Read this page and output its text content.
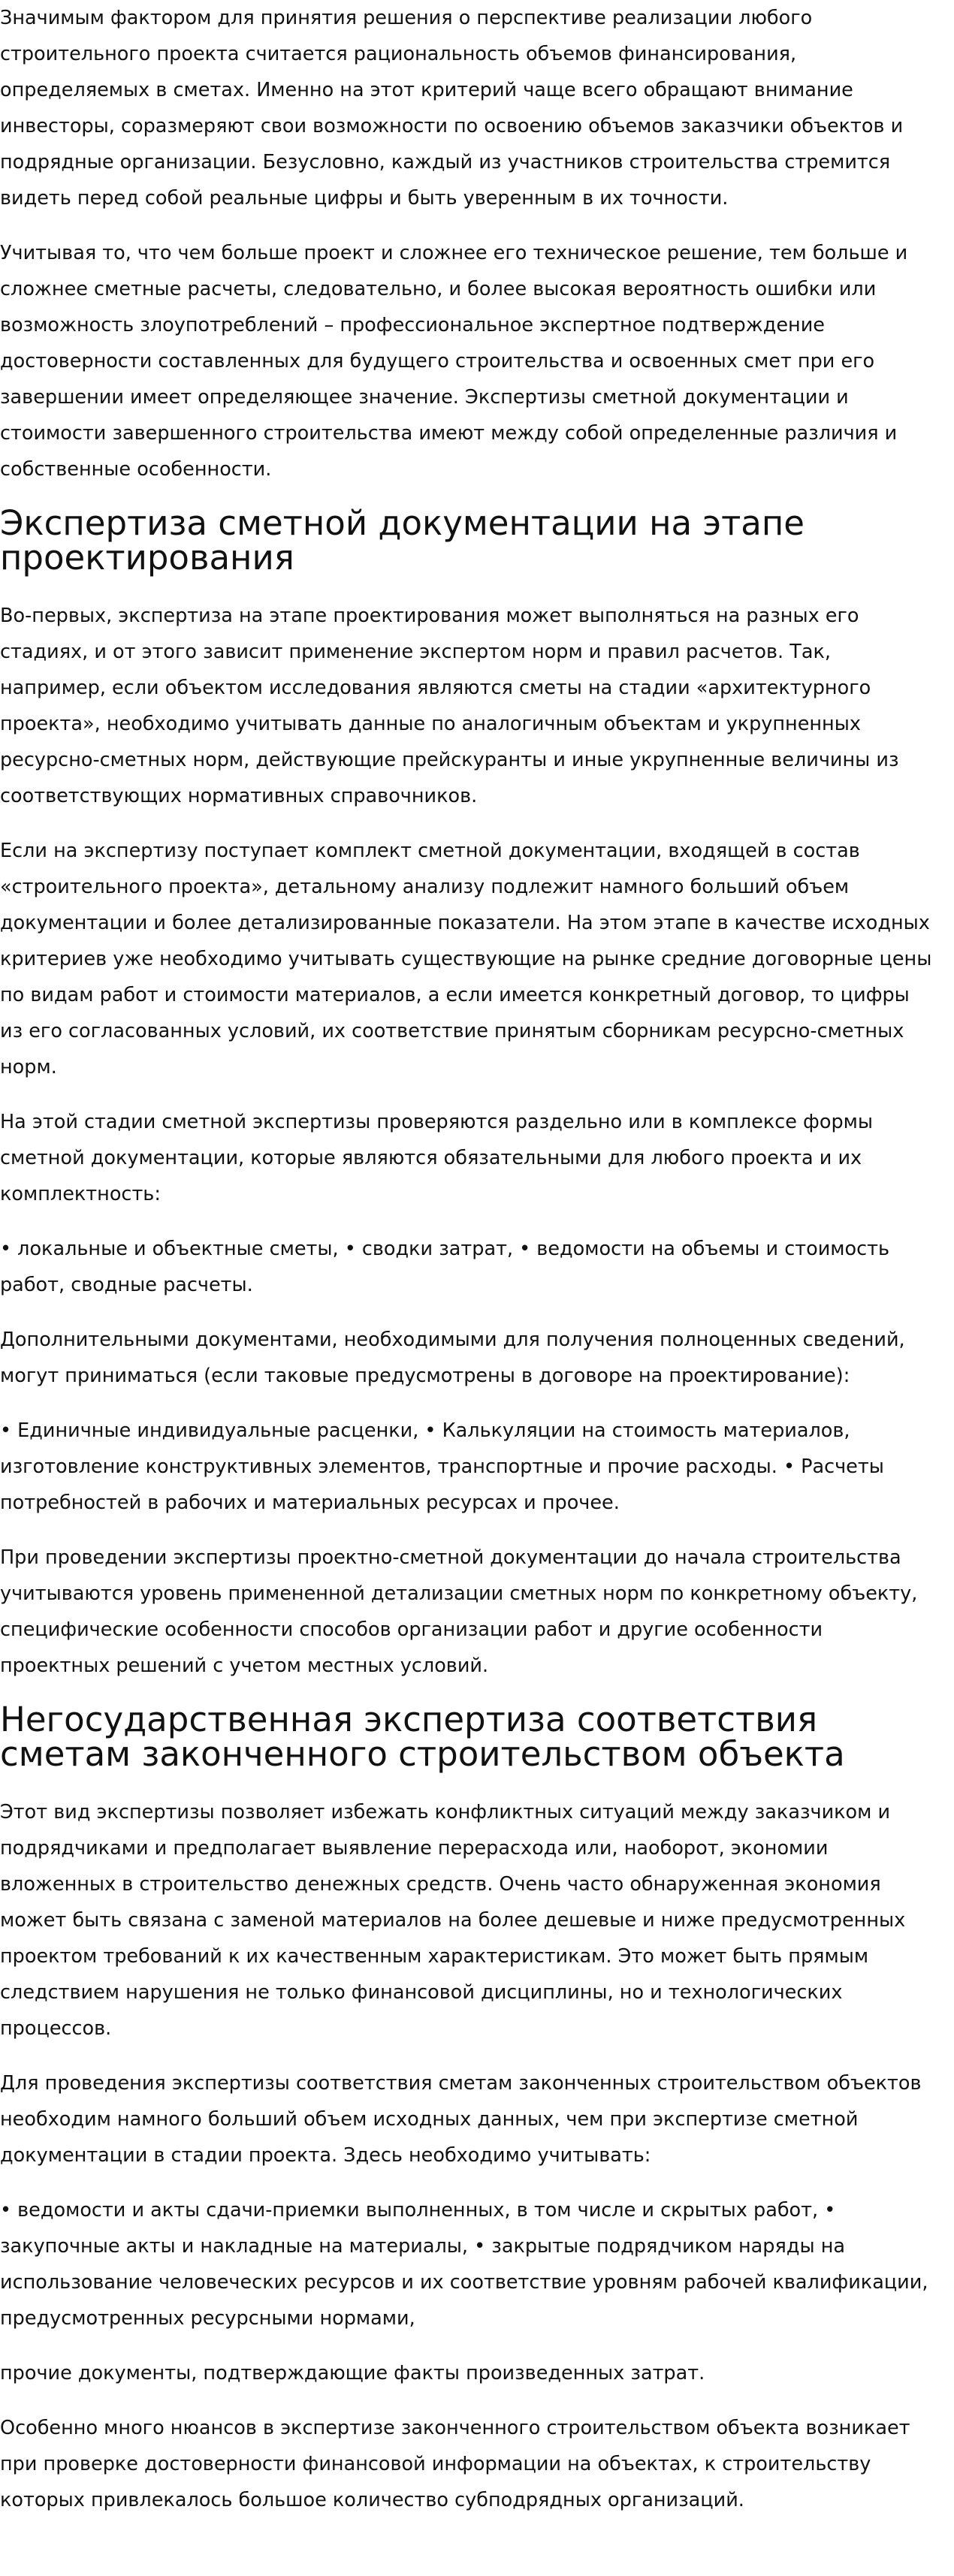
Значимым фактором для принятия решения о перспективе реализации любого
строительного проекта считается рациональность объемов финансирования,
определяемых в сметах. Именно на этот критерий чаще всего обращают внимание
инвесторы, соразмеряют свои возможности по освоению объемов заказчики объектов и
подрядные организации. Безусловно, каждый из участников строительства стремится
видеть перед собой реальные цифры и быть уверенным в их точности.

Учитывая то, что чем больше проект и сложнее его техническое решение, тем больше и
сложнее сметные расчеты, следовательно, и более высокая вероятность ошибки или
возможность злоупотреблений – профессиональное экспертное подтверждение
достоверности составленных для будущего строительства и освоенных смет при его
завершении имеет определяющее значение. Экспертизы сметной документации и
стоимости завершенного строительства имеют между собой определенные различия и
собственные особенности.

Экспертиза сметной документации на этапе
проектирования

Во-первых, экспертиза на этапе проектирования может выполняться на разных его
стадиях, и от этого зависит применение экспертом норм и правил расчетов. Так,
например, если объектом исследования являются сметы на стадии «архитектурного
проекта», необходимо учитывать данные по аналогичным объектам и укрупненных
ресурсно-сметных норм, действующие прейскуранты и иные укрупненные величины из
соответствующих нормативных справочников.

Если на экспертизу поступает комплект сметной документации, входящей в состав
«строительного проекта», детальному анализу подлежит намного больший объем
документации и более детализированные показатели. На этом этапе в качестве исходных
критериев уже необходимо учитывать существующие на рынке средние договорные цены
по видам работ и стоимости материалов, а если имеется конкретный договор, то цифры
из его согласованных условий, их соответствие принятым сборникам ресурсно-сметных
норм.

На этой стадии сметной экспертизы проверяются раздельно или в комплексе формы
сметной документации, которые являются обязательными для любого проекта и их
комплектность:

• локальные и объектные сметы, • сводки затрат, • ведомости на объемы и стоимость
работ, сводные расчеты.

Дополнительными документами, необходимыми для получения полноценных сведений,
могут приниматься (если таковые предусмотрены в договоре на проектирование):

• Единичные индивидуальные расценки, • Калькуляции на стоимость материалов,
изготовление конструктивных элементов, транспортные и прочие расходы. • Расчеты
потребностей в рабочих и материальных ресурсах и прочее.

При проведении экспертизы проектно-сметной документации до начала строительства
учитываются уровень примененной детализации сметных норм по конкретному объекту,
специфические особенности способов организации работ и другие особенности
проектных решений с учетом местных условий.

Негосударственная экспертиза соответствия
сметам законченного строительством объекта

Этот вид экспертизы позволяет избежать конфликтных ситуаций между заказчиком и
подрядчиками и предполагает выявление перерасхода или, наоборот, экономии
вложенных в строительство денежных средств. Очень часто обнаруженная экономия
может быть связана с заменой материалов на более дешевые и ниже предусмотренных
проектом требований к их качественным характеристикам. Это может быть прямым
следствием нарушения не только финансовой дисциплины, но и технологических
процессов.

Для проведения экспертизы соответствия сметам законченных строительством объектов
необходим намного больший объем исходных данных, чем при экспертизе сметной
документации в стадии проекта. Здесь необходимо учитывать:

• ведомости и акты сдачи-приемки выполненных, в том числе и скрытых работ, •
закупочные акты и накладные на материалы, • закрытые подрядчиком наряды на
использование человеческих ресурсов и их соответствие уровням рабочей квалификации,
предусмотренных ресурсными нормами,

прочие документы, подтверждающие факты произведенных затрат.

Особенно много нюансов в экспертизе законченного строительством объекта возникает
при проверке достоверности финансовой информации на объектах, к строительству
которых привлекалось большое количество субподрядных организаций.
